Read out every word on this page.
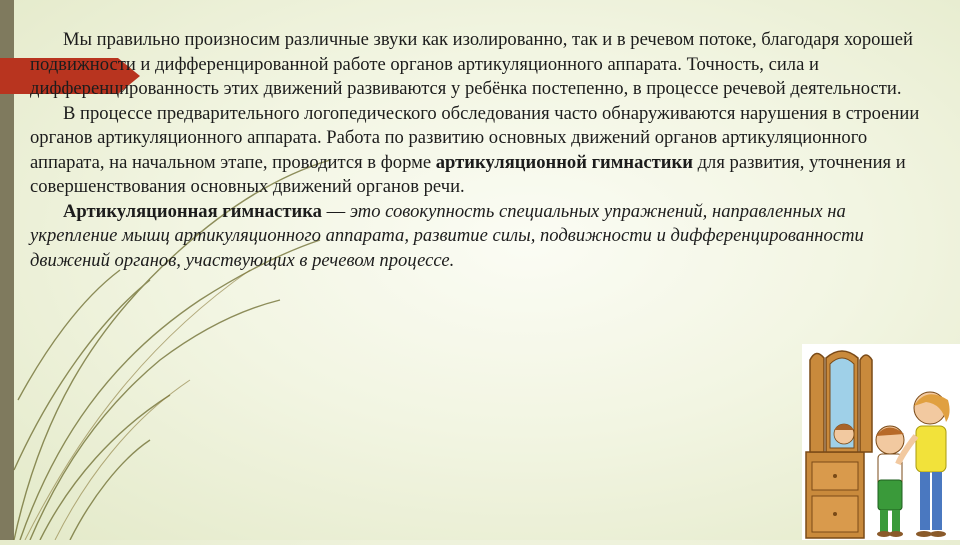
Мы правильно произносим различные звуки как изолированно, так и в речевом потоке, благодаря хорошей подвижности и дифференцированной работе органов артикуляционного аппарата. Точность, сила и дифференцированность этих движений развиваются у ребёнка постепенно, в процессе речевой деятельности.

В процессе предварительного логопедического обследования часто обнаруживаются нарушения в строении органов артикуляционного аппарата. Работа по развитию основных движений органов артикуляционного аппарата, на начальном этапе, проводится в форме артикуляционной гимнастики для развития, уточнения и совершенствования основных движений органов речи.

Артикуляционная гимнастика — это совокупность специальных упражнений, направленных на укрепление мышц артикуляционного аппарата, развитие силы, подвижности и дифференцированности движений органов, участвующих в речевом процессе.
